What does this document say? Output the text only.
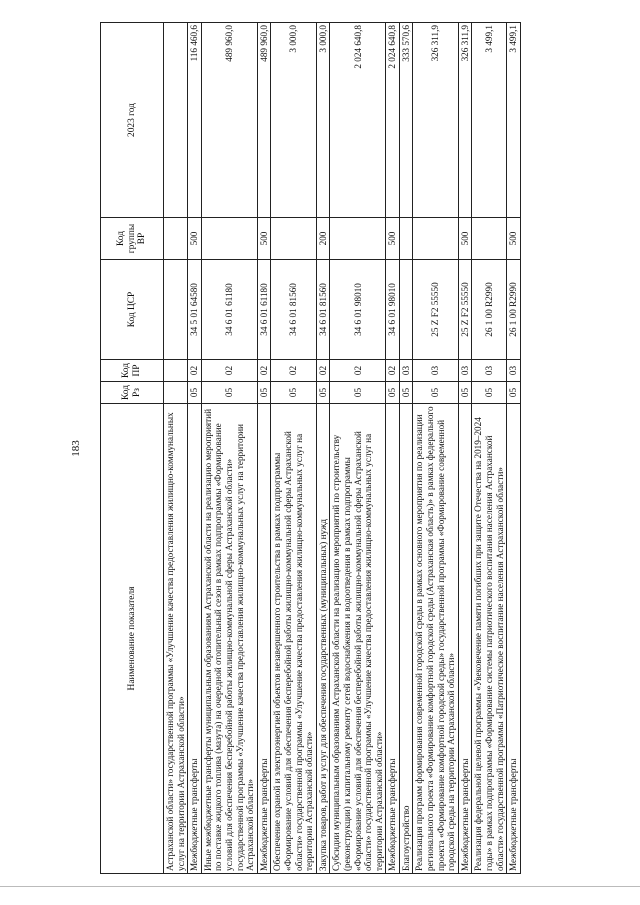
183
Наименование показателя	Код Рз	Код ПР	Код ЦСР	Код группы ВР	2023 год
Астраханской области» государственной программы «Улучшение качества предоставления жилищно-коммунальных услуг на территории Астраханской области»					
Межбюджетные трансферты	05	02	34 5 01 64580	500	116 460,6
Иные межбюджетные трансферты муниципальным образованиям Астраханской области на реализацию мероприятий по поставке жидкого топлива (мазута) на очередной отопительный сезон в рамках подпрограммы «Формирование условий для обеспечения бесперебойной работы жилищно-коммунальной сферы Астраханской области» государственной программы «Улучшение качества предоставления жилищно-коммунальных услуг на территории Астраханской области»	05	02	34 6 01 61180		489 960,0
Межбюджетные трансферты	05	02	34 6 01 61180	500	489 960,0
Обеспечение охраной и электроэнергией объектов незавершенного строительства в рамках подпрограммы «Формирование условий для обеспечения бесперебойной работы жилищно-коммунальной сферы Астраханской области» государственной программы «Улучшение качества предоставления жилищно-коммунальных услуг на территории Астраханской области»	05	02	34 6 01 81560		3 000,0
Закупка товаров, работ и услуг для обеспечения государственных (муниципальных) нужд	05	02	34 6 01 81560	200	3 000,0
Субсидии муниципальным образованиям Астраханской области на реализацию мероприятий по строительству (реконструкции) и капитальному ремонту сетей водоснабжения и водоотведения в рамках подпрограммы «Формирование условий для обеспечения бесперебойной работы жилищно-коммунальной сферы Астраханской области» государственной программы «Улучшение качества предоставления жилищно-коммунальных услуг на территории Астраханской области»	05	02	34 6 01 98010		2 024 640,8
Межбюджетные трансферты	05	02	34 6 01 98010	500	2 024 640,8
Благоустройство	05	03			333 570,6
Реализация программ формирования современной городской среды в рамках основного мероприятия по реализации регионального проекта «Формирование комфортной городской среды (Астраханская область)» в рамках федерального проекта «Формирование комфортной городской среды» государственной программы «Формирование современной городской среды на территории Астраханской области»	05	03	25 Z F2 55550		326 311,9
Межбюджетные трансферты	05	03	25 Z F2 55550	500	326 311,9
Реализация федеральной целевой программы «Увековечение памяти погибших при защите Отечества на 2019–2024 годы» в рамках подпрограммы «Формирование системы патриотического воспитания населения Астраханской области» государственной программы «Патриотическое воспитание населения Астраханской области»	05	03	26 1 00 R2990		3 499,1
Межбюджетные трансферты	05	03	26 1 00 R2990	500	3 499,1
